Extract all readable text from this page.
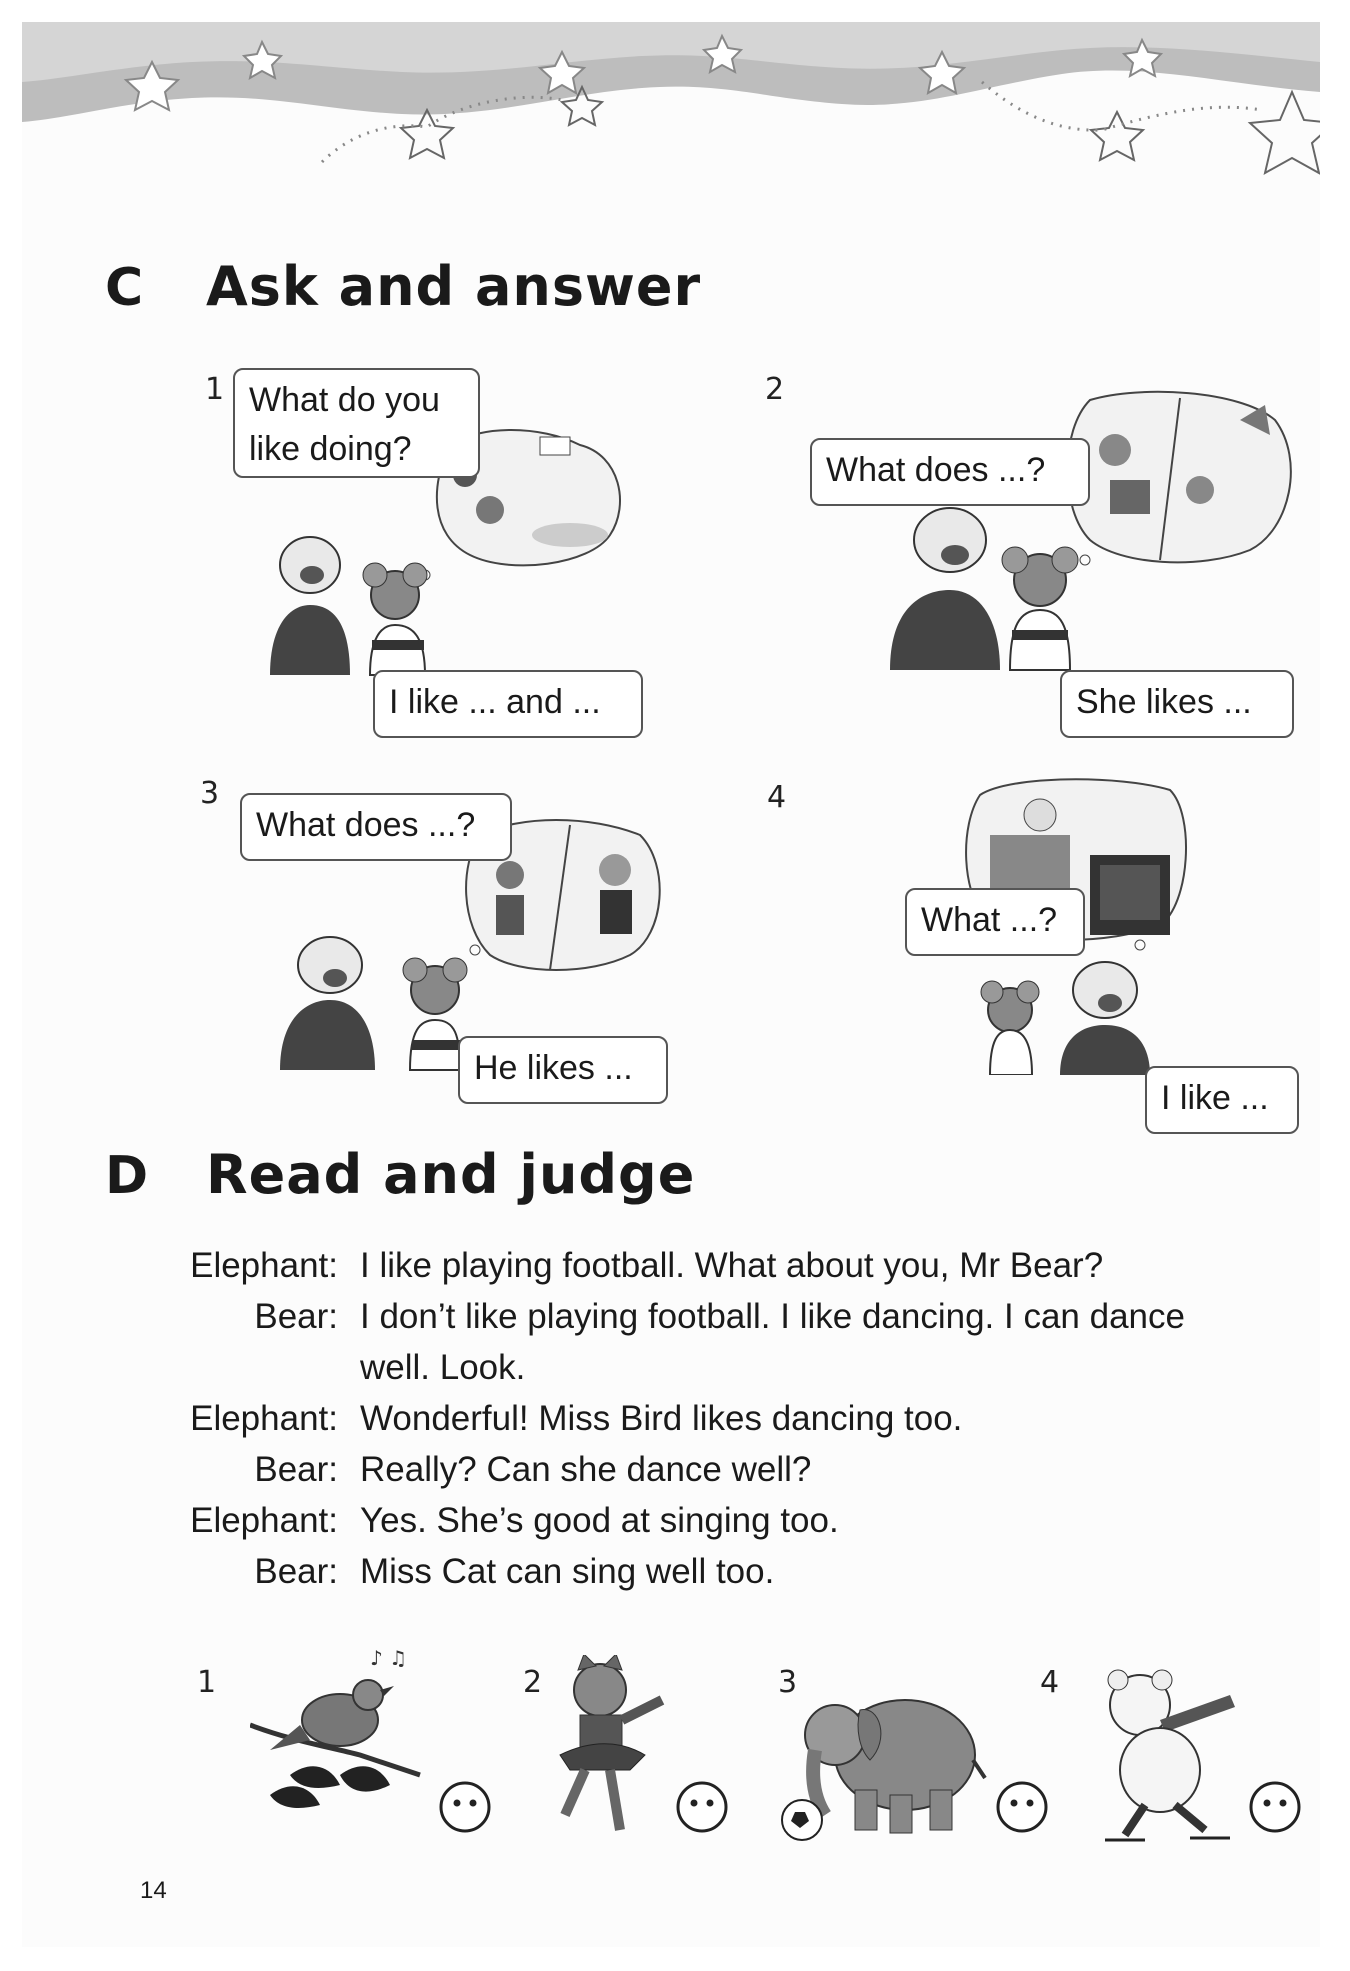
C Ask and answer
1 What do you
like doing?
I like ... and ...
2
What does ...?
She likes ...
3
What does ...?
He likes ...
4
What ...?
I like ...
D Read and judge
Elephant: I like playing football. What about you, Mr Bear?
Bear: I don’t like playing football. I like dancing. I can dance
well. Look.
Elephant: Wonderful! Miss Bird likes dancing too.
Bear: Really? Can she dance well?
Elephant: Yes. She’s good at singing too.
Bear: Miss Cat can sing well too.
1
♪ ♫
2	3	4
14
